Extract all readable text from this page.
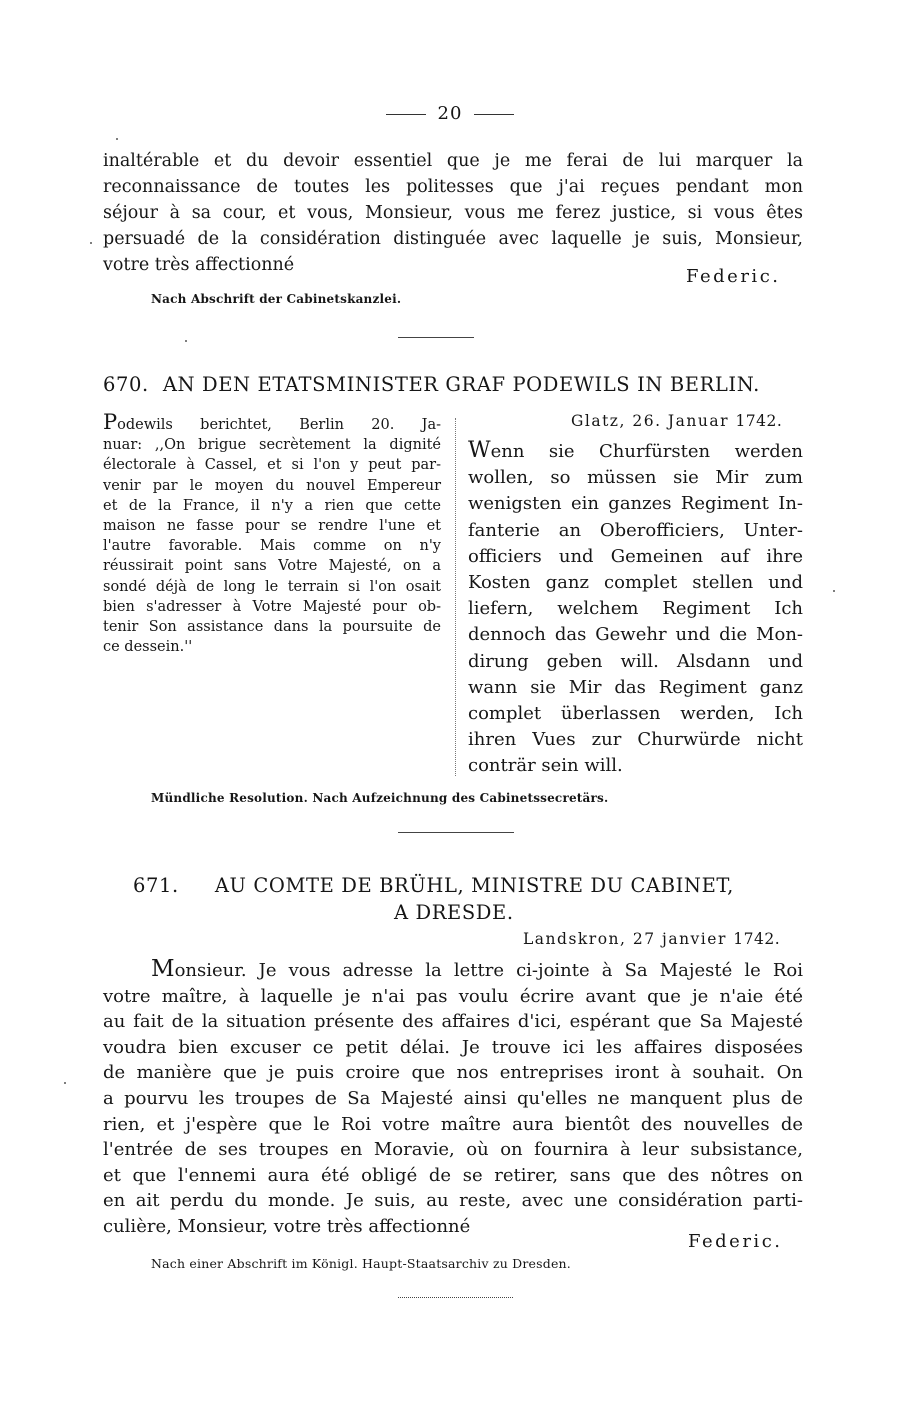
20
inaltérable et du devoir essentiel que je me ferai de lui marquer la
reconnaissance de toutes les politesses que j'ai reçues pendant mon
séjour à sa cour, et vous, Monsieur, vous me ferez justice, si vous êtes
persuadé de la considération distinguée avec laquelle je suis, Monsieur,
votre très affectionné
Federic.
Nach Abschrift der Cabinetskanzlei.
670. AN DEN ETATSMINISTER GRAF PODEWILS IN BERLIN.
Podewils berichtet, Berlin 20. Ja-
nuar: ,,On brigue secrètement la dignité
électorale à Cassel, et si l'on y peut par-
venir par le moyen du nouvel Empereur
et de la France, il n'y a rien que cette
maison ne fasse pour se rendre l'une et
l'autre favorable. Mais comme on n'y
réussirait point sans Votre Majesté, on a
sondé déjà de long le terrain si l'on osait
bien s'adresser à Votre Majesté pour ob-
tenir Son assistance dans la poursuite de
ce dessein.''
Glatz, 26. Januar 1742.
Wenn sie Churfürsten werden
wollen, so müssen sie Mir zum
wenigsten ein ganzes Regiment In-
fanterie an Oberofficiers, Unter-
officiers und Gemeinen auf ihre
Kosten ganz complet stellen und
liefern, welchem Regiment Ich
dennoch das Gewehr und die Mon-
dirung geben will. Alsdann und
wann sie Mir das Regiment ganz
complet überlassen werden, Ich
ihren Vues zur Churwürde nicht
conträr sein will.
Mündliche Resolution. Nach Aufzeichnung des Cabinetssecretärs.
671. AU COMTE DE BRÜHL, MINISTRE DU CABINET,
A DRESDE.
Landskron, 27 janvier 1742.
Monsieur. Je vous adresse la lettre ci-jointe à Sa Majesté le Roi
votre maître, à laquelle je n'ai pas voulu écrire avant que je n'aie été
au fait de la situation présente des affaires d'ici, espérant que Sa Majesté
voudra bien excuser ce petit délai. Je trouve ici les affaires disposées
de manière que je puis croire que nos entreprises iront à souhait. On
a pourvu les troupes de Sa Majesté ainsi qu'elles ne manquent plus de
rien, et j'espère que le Roi votre maître aura bientôt des nouvelles de
l'entrée de ses troupes en Moravie, où on fournira à leur subsistance,
et que l'ennemi aura été obligé de se retirer, sans que des nôtres on
en ait perdu du monde. Je suis, au reste, avec une considération parti-
culière, Monsieur, votre très affectionné
Federic.
Nach einer Abschrift im Königl. Haupt-Staatsarchiv zu Dresden.
